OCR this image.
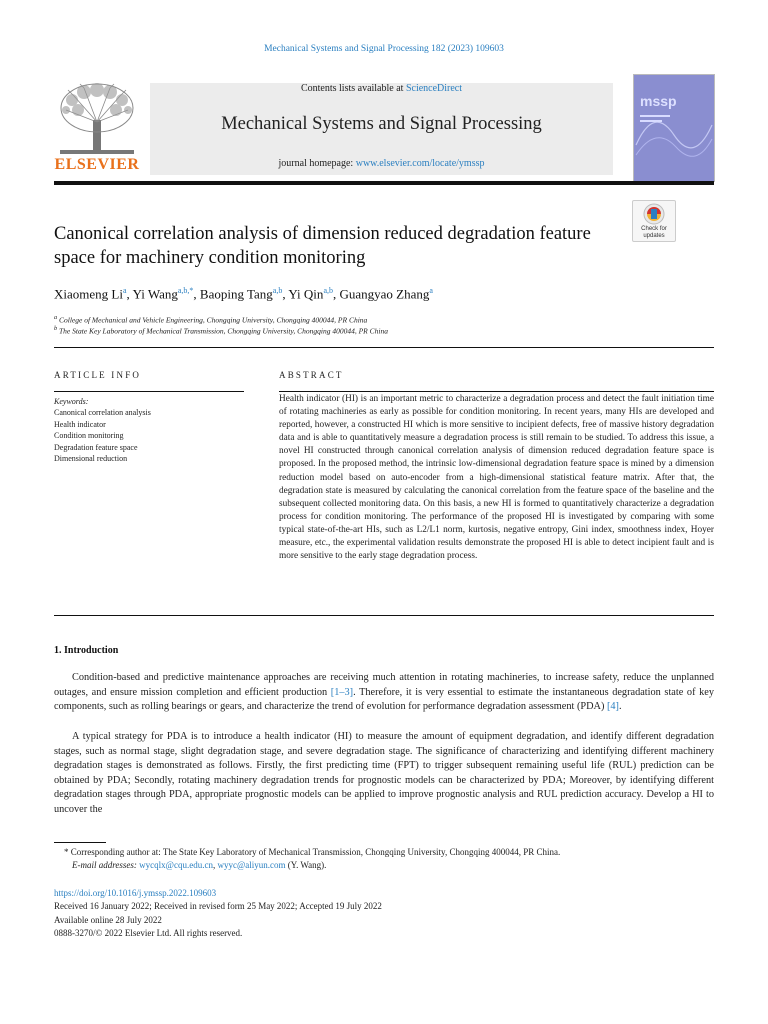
Mechanical Systems and Signal Processing 182 (2023) 109603
ELSEVIER
Contents lists available at ScienceDirect
Mechanical Systems and Signal Processing
journal homepage: www.elsevier.com/locate/ymssp
mssp
Check for updates
Canonical correlation analysis of dimension reduced degradation feature space for machinery condition monitoring
Xiaomeng Li$^a$, Yi Wang$^{a,b,*}$, Baoping Tang$^{a,b}$, Yi Qin$^{a,b}$, Guangyao Zhang$^a$
$^a$ College of Mechanical and Vehicle Engineering, Chongqing University, Chongqing 400044, PR China
$^b$ The State Key Laboratory of Mechanical Transmission, Chongqing University, Chongqing 400044, PR China
ARTICLE INFO	ABSTRACT
Keywords:
Canonical correlation analysis
Health indicator
Condition monitoring
Degradation feature space
Dimensional reduction
Health indicator (HI) is an important metric to characterize a degradation process and detect the fault initiation time of rotating machineries as early as possible for condition monitoring. In recent years, many HIs are developed and reported, however, a constructed HI which is more sensitive to incipient defects, free of massive history degradation data and is able to quantitatively measure a degradation process is still remain to be studied. To address this issue, a novel HI constructed through canonical correlation analysis of dimension reduced degradation feature space is proposed. In the proposed method, the intrinsic low-dimensional degradation feature space is mined by a dimension reduction model based on auto-encoder from a high-dimensional statistical feature matrix. After that, the degradation state is measured by calculating the canonical correlation from the feature space of the baseline and the subsequent collected monitoring data. On this basis, a new HI is formed to quantitatively characterize a degradation process for condition monitoring. The performance of the proposed HI is investigated by comparing with some typical state-of-the-art HIs, such as L2/L1 norm, kurtosis, negative entropy, Gini index, smoothness index, Hoyer measure, etc., the experimental validation results demonstrate the proposed HI is able to detect incipient fault and is more sensitive to the early stage degradation process.
1. Introduction
Condition-based and predictive maintenance approaches are receiving much attention in rotating machineries, to increase safety, reduce the unplanned outages, and ensure mission completion and efficient production [1–3]. Therefore, it is very essential to estimate the instantaneous degradation state of key components, such as rolling bearings or gears, and characterize the trend of evolution for performance degradation assessment (PDA) [4].
A typical strategy for PDA is to introduce a health indicator (HI) to measure the amount of equipment degradation, and identify different degradation stages, such as normal stage, slight degradation stage, and severe degradation stage. The significance of characterizing and identifying different machinery degradation stages is demonstrated as follows. Firstly, the first predicting time (FPT) to trigger subsequent remaining useful life (RUL) prediction can be obtained by PDA; Secondly, rotating machinery degradation trends for prognostic models can be characterized by PDA; Moreover, by identifying different degradation stages through PDA, appropriate prognostic models can be applied to improve prognostic analysis and RUL prediction accuracy. Develop a HI to uncover the
* Corresponding author at: The State Key Laboratory of Mechanical Transmission, Chongqing University, Chongqing 400044, PR China.
E-mail addresses: wycqlx@cqu.edu.cn, wyyc@aliyun.com (Y. Wang).
https://doi.org/10.1016/j.ymssp.2022.109603
Received 16 January 2022; Received in revised form 25 May 2022; Accepted 19 July 2022
Available online 28 July 2022
0888-3270/© 2022 Elsevier Ltd. All rights reserved.
